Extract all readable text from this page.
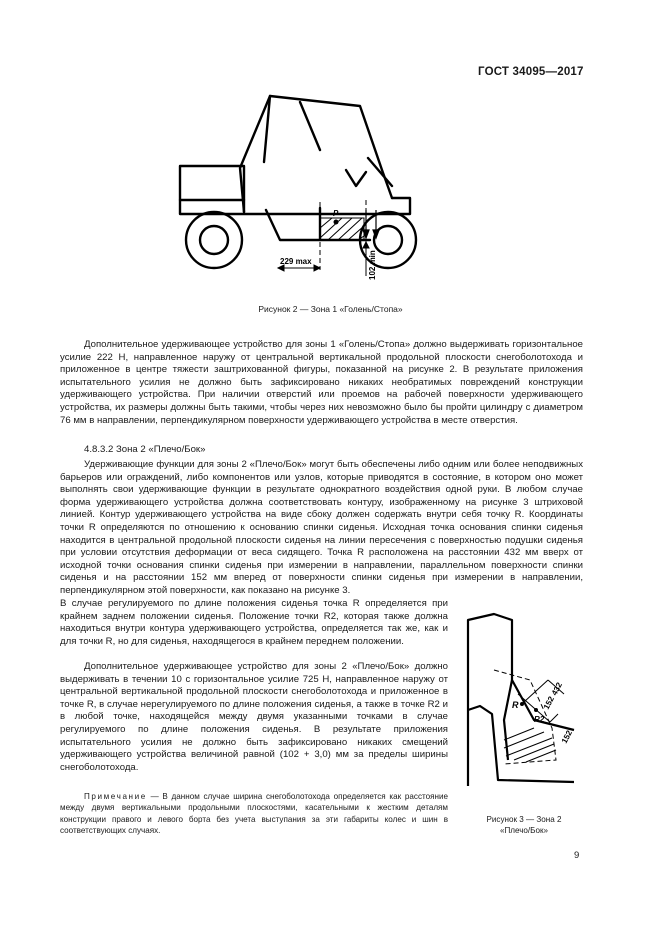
ГОСТ 34095—2017
P
229 max	102 min
Рисунок 2 — Зона 1 «Голень/Стопа»
Дополнительное удерживающее устройство для зоны 1 «Голень/Стопа» должно выдерживать горизонтальное усилие 222 Н, направленное наружу от центральной вертикальной продольной плоскости снегоболотохода и приложенное в центре тяжести заштрихованной фигуры, показанной на рисунке 2. В результате приложения испытательного усилия не должно быть зафиксировано никаких необратимых повреждений конструкции удерживающего устройства. При наличии отверстий или проемов на рабочей поверхности удерживающего устройства, их размеры должны быть такими, чтобы через них невозможно было бы пройти цилиндру с диаметром 76 мм в направлении, перпендикулярном поверхности удерживающего устройства в месте отверстия.
4.8.3.2 Зона 2 «Плечо/Бок»
Удерживающие функции для зоны 2 «Плечо/Бок» могут быть обеспечены либо одним или более неподвижных барьеров или ограждений, либо компонентов или узлов, которые приводятся в состояние, в котором оно может выполнять свои удерживающие функции в результате однократного воздействия одной руки. В любом случае форма удерживающего устройства должна соответствовать контуру, изображенному на рисунке 3 штриховой линией. Контур удерживающего устройства на виде сбоку должен содержать внутри себя точку R. Координаты точки R определяются по отношению к основанию спинки сиденья. Исходная точка основания спинки сиденья находится в центральной продольной плоскости сиденья на линии пересечения с поверхностью подушки сиденья при условии отсутствия деформации от веса сидящего. Точка R расположена на расстоянии 432 мм вверх от исходной точки основания спинки сиденья при измерении в направлении, параллельном поверхности спинки сиденья и на расстоянии 152 мм вперед от поверхности спинки сиденья при измерении в направлении, перпендикулярном этой поверхности, как показано на рисунке 3.
В случае регулируемого по длине положения сиденья точка R определяется при крайнем заднем положении сиденья. Положение точки R2, которая также должна находиться внутри контура удерживающего устройства, определяется так же, как и для точки R, но для сиденья, находящегося в крайнем переднем положении.
Дополнительное удерживающее устройство для зоны 2 «Плечо/Бок» должно выдерживать в течении 10 с горизонтальное усилие 725 Н, направленное наружу от центральной вертикальной продольной плоскости снегоболотохода и приложенное в точке R, в случае нерегулируемого по длине положения сиденья, а также в точке R2 и в любой точке, находящейся между двумя указанными точками в случае регулируемого по длине положения сиденья. В результате приложения испытательного усилия не должно быть зафиксировано никаких смещений удерживающего устройства величиной равной (102 + 3,0) мм за пределы ширины снегоболотохода.
Примечание — В данном случае ширина снегоболотохода определяется как расстояние между двумя вертикальными продольными плоскостями, касательными к жестким деталям конструкции правого и левого борта без учета выступания за эти габариты колес и шин в соответствующих случаях.
R
R2
432
152
152
Рисунок 3 — Зона 2
«Плечо/Бок»
9
